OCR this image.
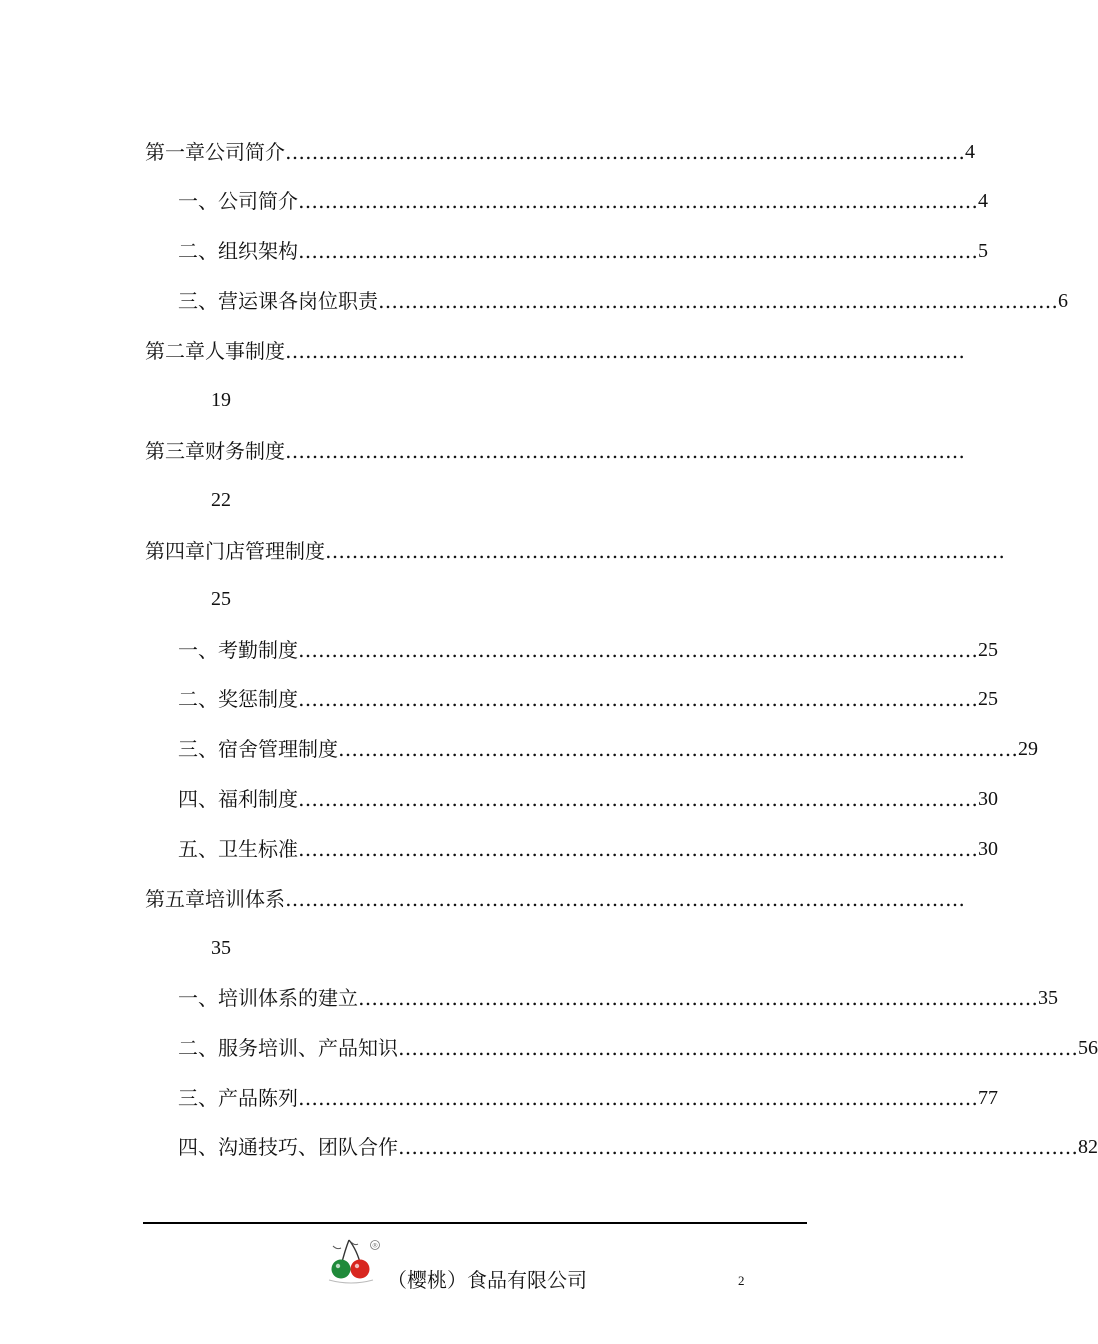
第一章 公司简介 ………………………………………………………………………………………… 4
一、 公司简介 ………………………………………………………………………………………… 4
二、 组织架构 ………………………………………………………………………………………… 5
三、 营运课各岗位职责 ………………………………………………………………………………………… 6
第二章 人事制度 …………………………………………………………………………………………
19
第三章 财务制度 …………………………………………………………………………………………
22
第四章 门店管理制度 …………………………………………………………………………………………
25
一、 考勤制度 ………………………………………………………………………………………… 25
二、 奖惩制度 ………………………………………………………………………………………… 25
三、 宿舍管理制度 ………………………………………………………………………………………… 29
四、 福利制度 ………………………………………………………………………………………… 30
五、 卫生标准 ………………………………………………………………………………………… 30
第五章 培训体系 …………………………………………………………………………………………
35
一、 培训体系的建立 ………………………………………………………………………………………… 35
二、 服务培训、产品知识 ………………………………………………………………………………………… 56
三、 产品陈列 ………………………………………………………………………………………… 77
四、 沟通技巧、团队合作 ………………………………………………………………………………………… 82
®
（樱桃）食品有限公司	2
